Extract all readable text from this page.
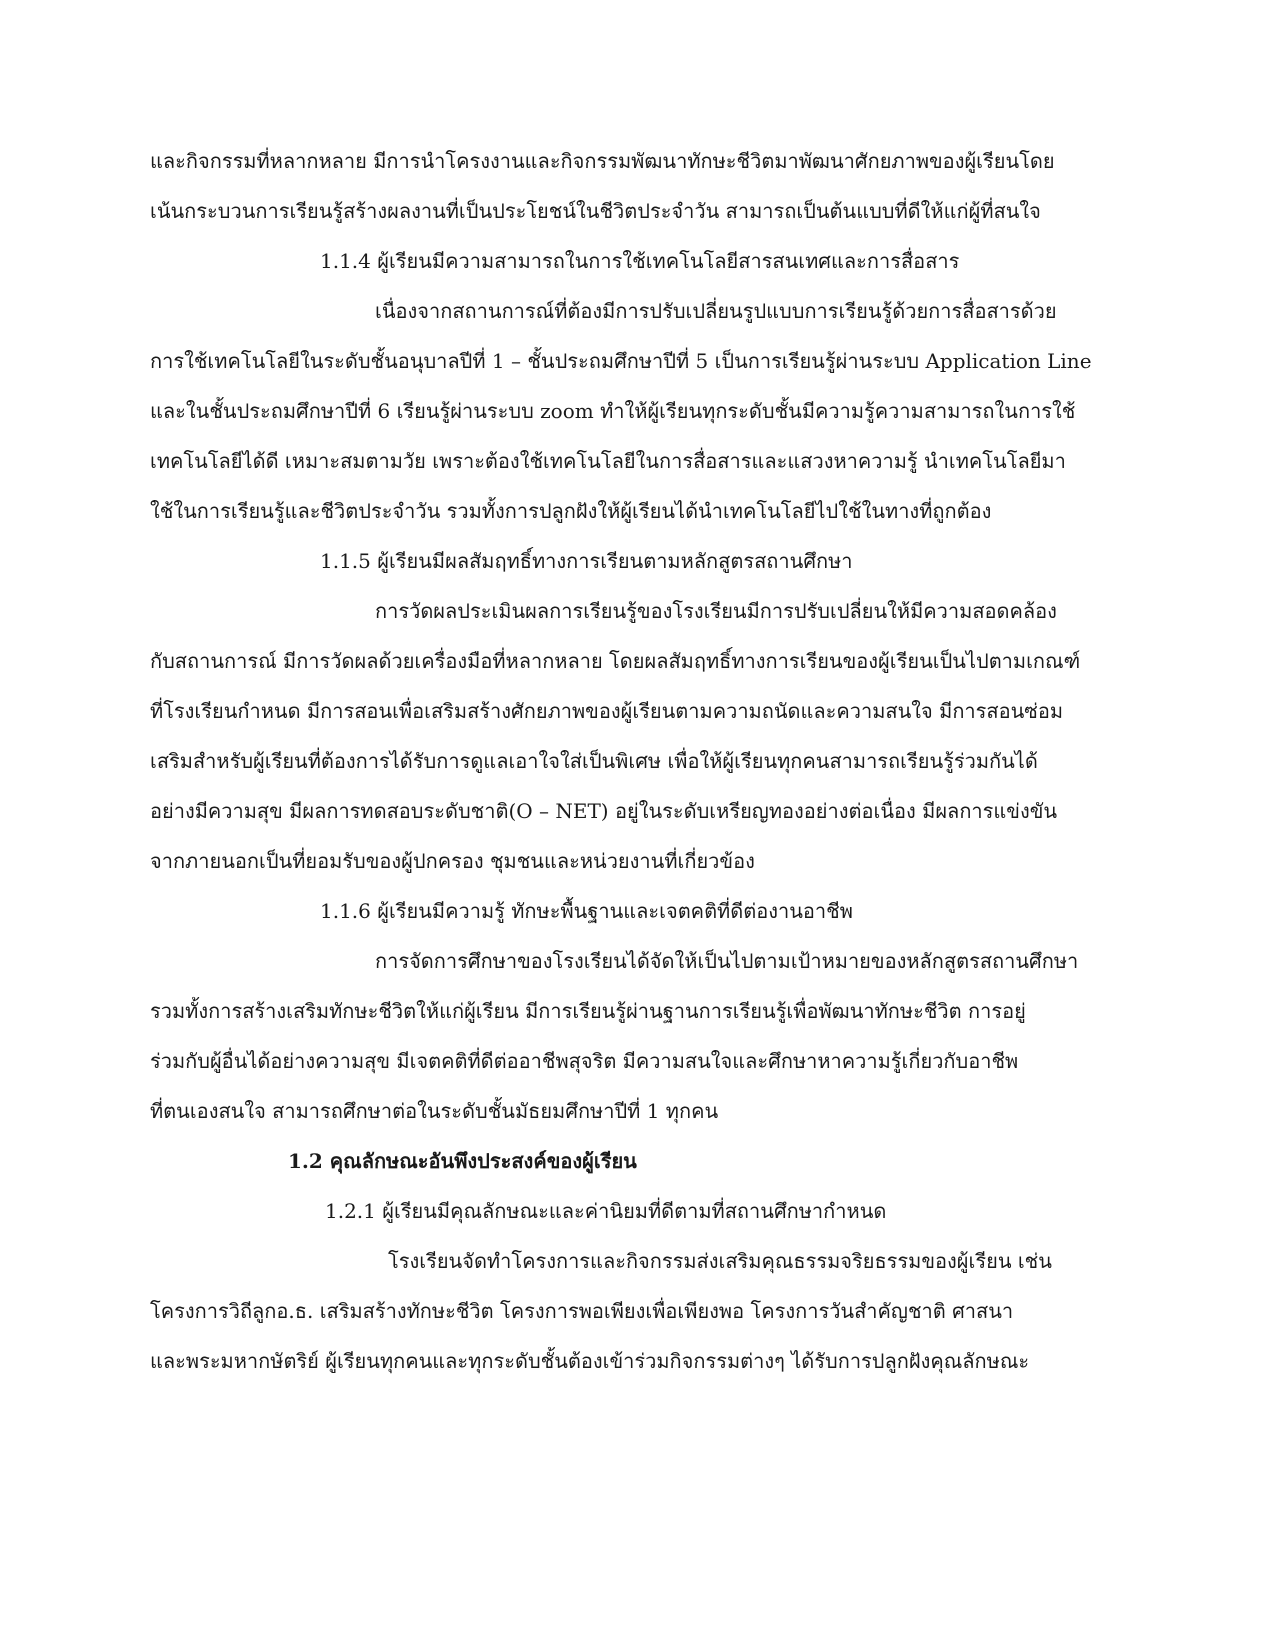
และกิจกรรมที่หลากหลาย มีการนำโครงงานและกิจกรรมพัฒนาทักษะชีวิตมาพัฒนาศักยภาพของผู้เรียนโดย
เน้นกระบวนการเรียนรู้สร้างผลงานที่เป็นประโยชน์ในชีวิตประจำวัน สามารถเป็นต้นแบบที่ดีให้แก่ผู้ที่สนใจ
1.1.4 ผู้เรียนมีความสามารถในการใช้เทคโนโลยีสารสนเทศและการสื่อสาร
เนื่องจากสถานการณ์ที่ต้องมีการปรับเปลี่ยนรูปแบบการเรียนรู้ด้วยการสื่อสารด้วย
การใช้เทคโนโลยีในระดับชั้นอนุบาลปีที่ 1 – ชั้นประถมศึกษาปีที่ 5 เป็นการเรียนรู้ผ่านระบบ Application Line
และในชั้นประถมศึกษาปีที่ 6 เรียนรู้ผ่านระบบ zoom ทำให้ผู้เรียนทุกระดับชั้นมีความรู้ความสามารถในการใช้
เทคโนโลยีได้ดี เหมาะสมตามวัย เพราะต้องใช้เทคโนโลยีในการสื่อสารและแสวงหาความรู้ นำเทคโนโลยีมา
ใช้ในการเรียนรู้และชีวิตประจำวัน รวมทั้งการปลูกฝังให้ผู้เรียนได้นำเทคโนโลยีไปใช้ในทางที่ถูกต้อง
1.1.5 ผู้เรียนมีผลสัมฤทธิ์ทางการเรียนตามหลักสูตรสถานศึกษา
การวัดผลประเมินผลการเรียนรู้ของโรงเรียนมีการปรับเปลี่ยนให้มีความสอดคล้อง
กับสถานการณ์ มีการวัดผลด้วยเครื่องมือที่หลากหลาย โดยผลสัมฤทธิ์ทางการเรียนของผู้เรียนเป็นไปตามเกณฑ์
ที่โรงเรียนกำหนด มีการสอนเพื่อเสริมสร้างศักยภาพของผู้เรียนตามความถนัดและความสนใจ มีการสอนซ่อม
เสริมสำหรับผู้เรียนที่ต้องการได้รับการดูแลเอาใจใส่เป็นพิเศษ เพื่อให้ผู้เรียนทุกคนสามารถเรียนรู้ร่วมกันได้
อย่างมีความสุข มีผลการทดสอบระดับชาติ(O – NET) อยู่ในระดับเหรียญทองอย่างต่อเนื่อง มีผลการแข่งขัน
จากภายนอกเป็นที่ยอมรับของผู้ปกครอง ชุมชนและหน่วยงานที่เกี่ยวข้อง
1.1.6 ผู้เรียนมีความรู้ ทักษะพื้นฐานและเจตคติที่ดีต่องานอาชีพ
การจัดการศึกษาของโรงเรียนได้จัดให้เป็นไปตามเป้าหมายของหลักสูตรสถานศึกษา
รวมทั้งการสร้างเสริมทักษะชีวิตให้แก่ผู้เรียน มีการเรียนรู้ผ่านฐานการเรียนรู้เพื่อพัฒนาทักษะชีวิต การอยู่
ร่วมกับผู้อื่นได้อย่างความสุข มีเจตคติที่ดีต่ออาชีพสุจริต มีความสนใจและศึกษาหาความรู้เกี่ยวกับอาชีพ
ที่ตนเองสนใจ สามารถศึกษาต่อในระดับชั้นมัธยมศึกษาปีที่ 1 ทุกคน
1.2 คุณลักษณะอันพึงประสงค์ของผู้เรียน
1.2.1 ผู้เรียนมีคุณลักษณะและค่านิยมที่ดีตามที่สถานศึกษากำหนด
โรงเรียนจัดทำโครงการและกิจกรรมส่งเสริมคุณธรรมจริยธรรมของผู้เรียน เช่น
โครงการวิถีลูกอ.ธ. เสริมสร้างทักษะชีวิต โครงการพอเพียงเพื่อเพียงพอ โครงการวันสำคัญชาติ ศาสนา
และพระมหากษัตริย์ ผู้เรียนทุกคนและทุกระดับชั้นต้องเข้าร่วมกิจกรรมต่างๆ ได้รับการปลูกฝังคุณลักษณะ
